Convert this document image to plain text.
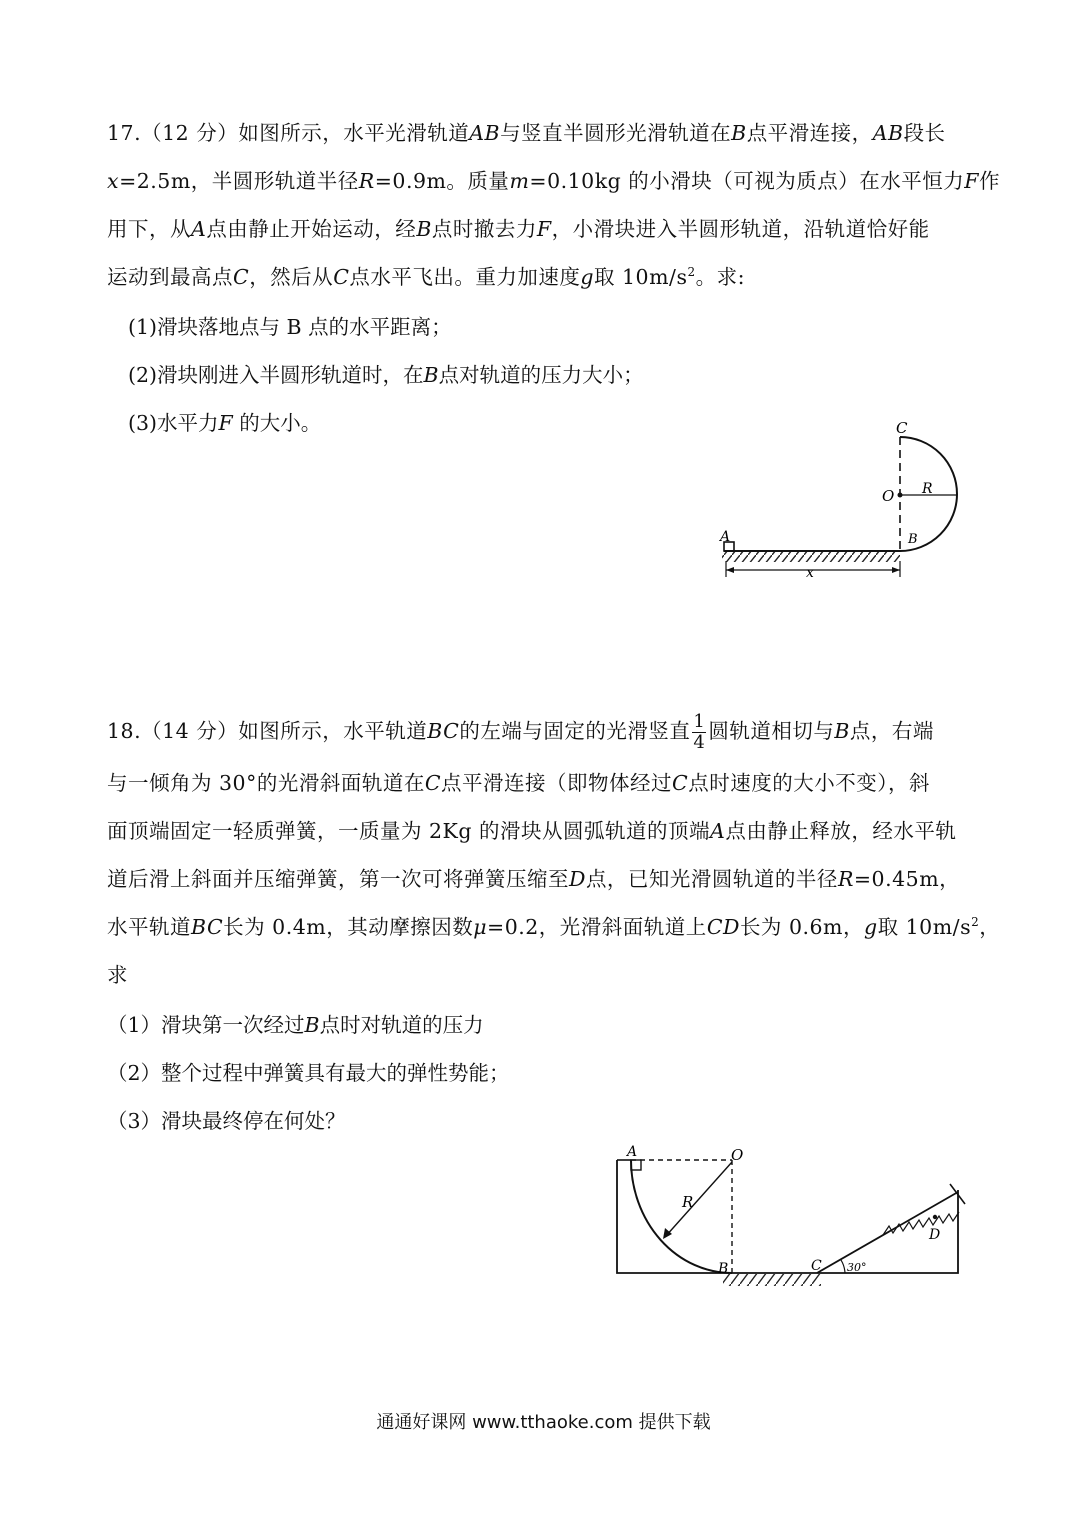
17.（12 分）如图所示，水平光滑轨道AB与竖直半圆形光滑轨道在B点平滑连接，AB段长

x=2.5m，半圆形轨道半径R=0.9m。质量m=0.10kg 的小滑块（可视为质点）在水平恒力F作

用下，从A点由静止开始运动，经B点时撤去力F，小滑块进入半圆形轨道，沿轨道恰好能

运动到最高点C，然后从C点水平飞出。重力加速度g取 $10m/s^2$。求:

(1)滑块落地点与 B 点的水平距离；

(2)滑块刚进入半圆形轨道时，在B点对轨道的压力大小；

(3)水平力F 的大小。

A
O R
C
B
x

18.（14 分）如图所示，水平轨道BC的左端与固定的光滑竖直 $\frac{1}{4}$ 圆轨道相切与B点，右端

与一倾角为 30°的光滑斜面轨道在C点平滑连接（即物体经过C点时速度的大小不变），斜

面顶端固定一轻质弹簧，一质量为 2Kg 的滑块从圆弧轨道的顶端A点由静止释放，经水平轨

道后滑上斜面并压缩弹簧，第一次可将弹簧压缩至D点，已知光滑圆轨道的半径R=0.45m，

水平轨道BC长为 0.4m，其动摩擦因数μ=0.2，光滑斜面轨道上CD长为 0.6m，g取 $10m/s^2$，

求

（1）滑块第一次经过B点时对轨道的压力

（2）整个过程中弹簧具有最大的弹性势能；

（3）滑块最终停在何处？

30°
A	O
R
B	C
D
通通好课网 www.tthaoke.com 提供下载
